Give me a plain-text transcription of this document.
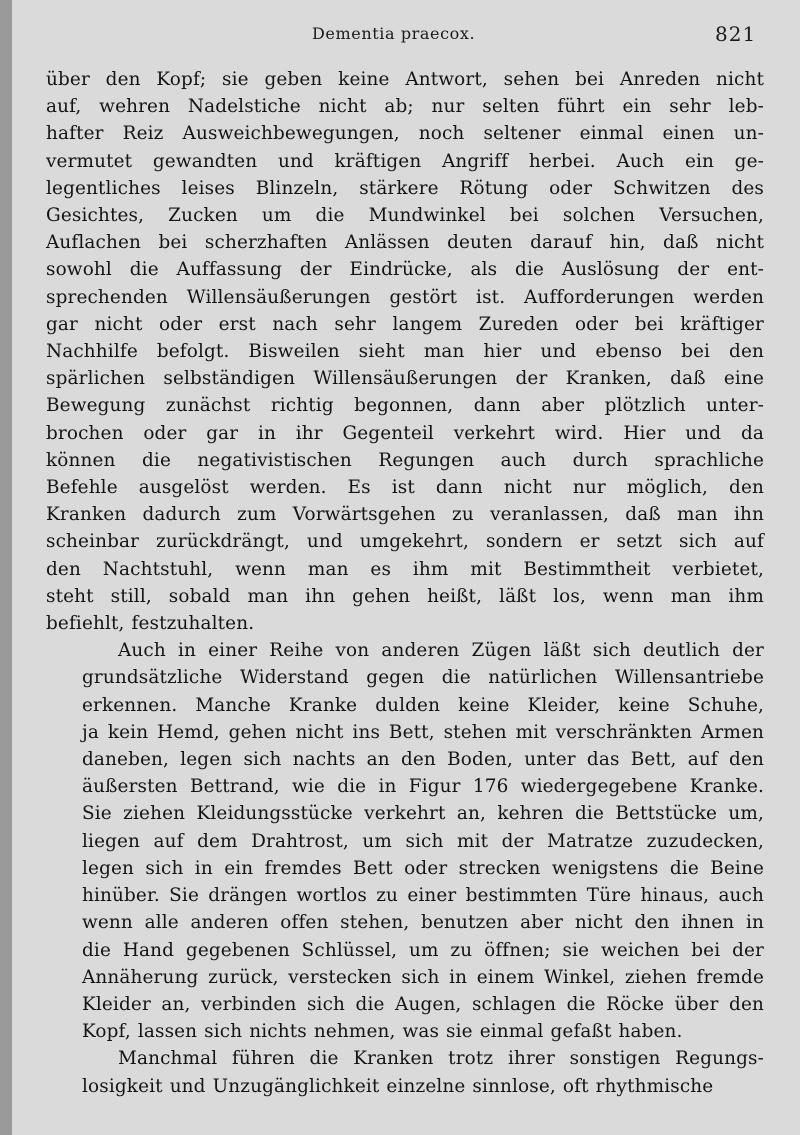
Dementia praecox.	821
über den Kopf; sie geben keine Antwort, sehen bei Anreden nicht
auf, wehren Nadelstiche nicht ab; nur selten führt ein sehr leb-
hafter Reiz Ausweichbewegungen, noch seltener einmal einen un-
vermutet gewandten und kräftigen Angriff herbei. Auch ein ge-
legentliches leises Blinzeln, stärkere Rötung oder Schwitzen des
Gesichtes, Zucken um die Mundwinkel bei solchen Versuchen,
Auflachen bei scherzhaften Anlässen deuten darauf hin, daß nicht
sowohl die Auffassung der Eindrücke, als die Auslösung der ent-
sprechenden Willensäußerungen gestört ist. Aufforderungen werden
gar nicht oder erst nach sehr langem Zureden oder bei kräftiger
Nachhilfe befolgt. Bisweilen sieht man hier und ebenso bei den
spärlichen selbständigen Willensäußerungen der Kranken, daß eine
Bewegung zunächst richtig begonnen, dann aber plötzlich unter-
brochen oder gar in ihr Gegenteil verkehrt wird. Hier und da
können die negativistischen Regungen auch durch sprachliche
Befehle ausgelöst werden. Es ist dann nicht nur möglich, den
Kranken dadurch zum Vorwärtsgehen zu veranlassen, daß man ihn
scheinbar zurückdrängt, und umgekehrt, sondern er setzt sich auf
den Nachtstuhl, wenn man es ihm mit Bestimmtheit verbietet,
steht still, sobald man ihn gehen heißt, läßt los, wenn man ihm
befiehlt, festzuhalten.
Auch in einer Reihe von anderen Zügen läßt sich deutlich der
grundsätzliche Widerstand gegen die natürlichen Willensantriebe
erkennen. Manche Kranke dulden keine Kleider, keine Schuhe,
ja kein Hemd, gehen nicht ins Bett, stehen mit verschränkten Armen
daneben, legen sich nachts an den Boden, unter das Bett, auf den
äußersten Bettrand, wie die in Figur 176 wiedergegebene Kranke.
Sie ziehen Kleidungsstücke verkehrt an, kehren die Bettstücke um,
liegen auf dem Drahtrost, um sich mit der Matratze zuzudecken,
legen sich in ein fremdes Bett oder strecken wenigstens die Beine
hinüber. Sie drängen wortlos zu einer bestimmten Türe hinaus, auch
wenn alle anderen offen stehen, benutzen aber nicht den ihnen in
die Hand gegebenen Schlüssel, um zu öffnen; sie weichen bei der
Annäherung zurück, verstecken sich in einem Winkel, ziehen fremde
Kleider an, verbinden sich die Augen, schlagen die Röcke über den
Kopf, lassen sich nichts nehmen, was sie einmal gefaßt haben.
Manchmal führen die Kranken trotz ihrer sonstigen Regungs-
losigkeit und Unzugänglichkeit einzelne sinnlose, oft rhythmische
